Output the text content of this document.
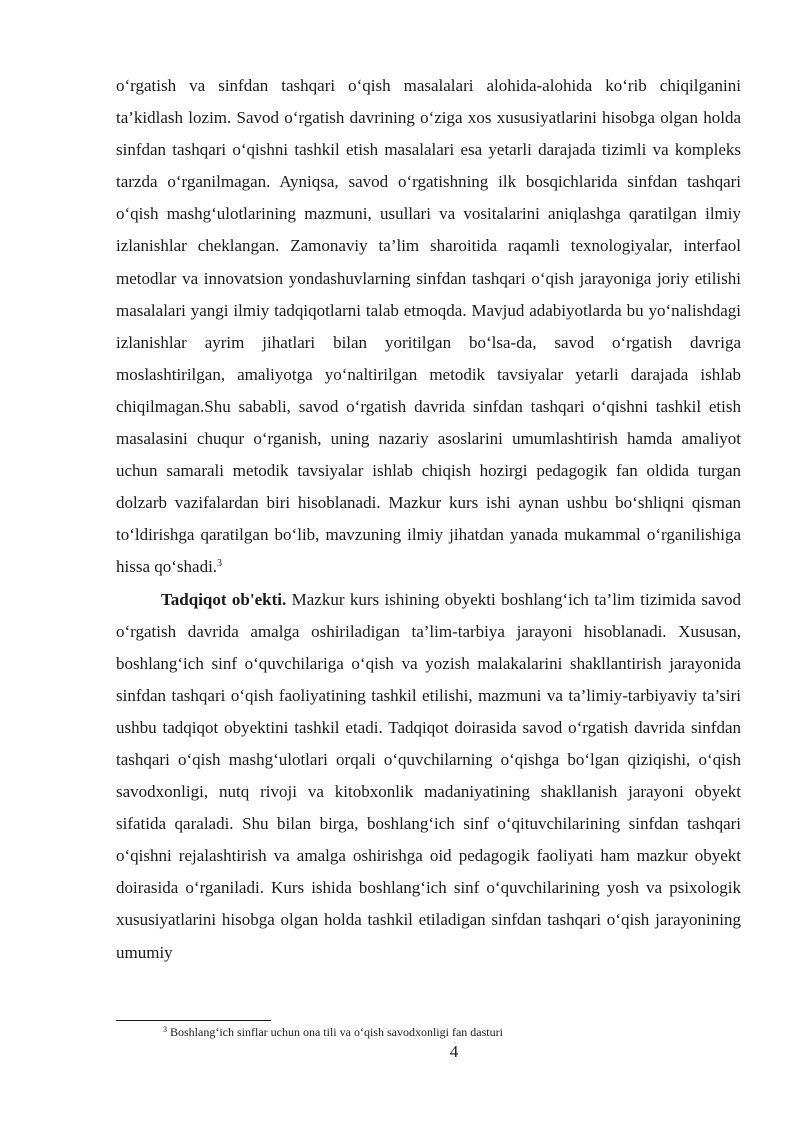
o‘rgatish va sinfdan tashqari o‘qish masalalari alohida-alohida ko‘rib chiqilganini ta’kidlash lozim. Savod o‘rgatish davrining o‘ziga xos xususiyatlarini hisobga olgan holda sinfdan tashqari o‘qishni tashkil etish masalalari esa yetarli darajada tizimli va kompleks tarzda o‘rganilmagan. Ayniqsa, savod o‘rgatishning ilk bosqichlarida sinfdan tashqari o‘qish mashg‘ulotlarining mazmuni, usullari va vositalarini aniqlashga qaratilgan ilmiy izlanishlar cheklangan. Zamonaviy ta’lim sharoitida raqamli texnologiyalar, interfaol metodlar va innovatsion yondashuvlarning sinfdan tashqari o‘qish jarayoniga joriy etilishi masalalari yangi ilmiy tadqiqotlarni talab etmoqda. Mavjud adabiyotlarda bu yo‘nalishdagi izlanishlar ayrim jihatlari bilan yoritilgan bo‘lsa-da, savod o‘rgatish davriga moslashtirilgan, amaliyotga yo‘naltirilgan metodik tavsiyalar yetarli darajada ishlab chiqilmagan.Shu sababli, savod o‘rgatish davrida sinfdan tashqari o‘qishni tashkil etish masalasini chuqur o‘rganish, uning nazariy asoslarini umumlashtirish hamda amaliyot uchun samarali metodik tavsiyalar ishlab chiqish hozirgi pedagogik fan oldida turgan dolzarb vazifalardan biri hisoblanadi. Mazkur kurs ishi aynan ushbu bo‘shliqni qisman to‘ldirishga qaratilgan bo‘lib, mavzuning ilmiy jihatdan yanada mukammal o‘rganilishiga hissa qo‘shadi.$^3$

Tadqiqot ob'ekti. Mazkur kurs ishining obyekti boshlang‘ich ta’lim tizimida savod o‘rgatish davrida amalga oshiriladigan ta’lim-tarbiya jarayoni hisoblanadi. Xususan, boshlang‘ich sinf o‘quvchilariga o‘qish va yozish malakalarini shakllantirish jarayonida sinfdan tashqari o‘qish faoliyatining tashkil etilishi, mazmuni va ta’limiy-tarbiyaviy ta’siri ushbu tadqiqot obyektini tashkil etadi. Tadqiqot doirasida savod o‘rgatish davrida sinfdan tashqari o‘qish mashg‘ulotlari orqali o‘quvchilarning o‘qishga bo‘lgan qiziqishi, o‘qish savodxonligi, nutq rivoji va kitobxonlik madaniyatining shakllanish jarayoni obyekt sifatida qaraladi. Shu bilan birga, boshlang‘ich sinf o‘qituvchilarining sinfdan tashqari o‘qishni rejalashtirish va amalga oshirishga oid pedagogik faoliyati ham mazkur obyekt doirasida o‘rganiladi. Kurs ishida boshlang‘ich sinf o‘quvchilarining yosh va psixologik xususiyatlarini hisobga olgan holda tashkil etiladigan sinfdan tashqari o‘qish jarayonining umumiy

$^3$ Boshlang‘ich sinflar uchun ona tili va o‘qish savodxonligi fan dasturi
4
